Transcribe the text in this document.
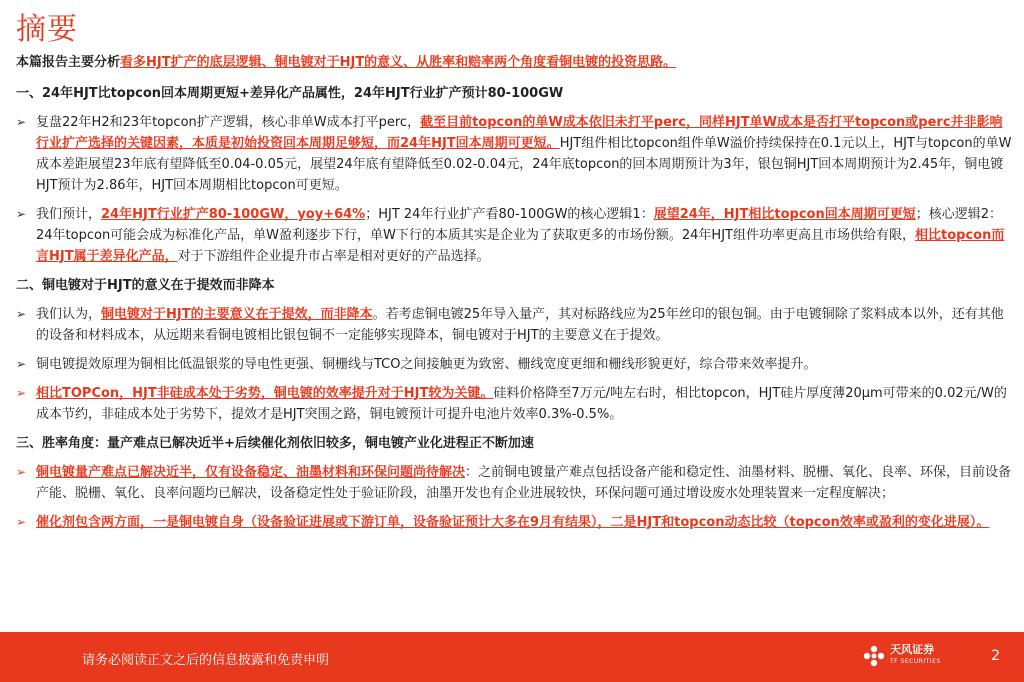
摘要
本篇报告主要分析看多HJT扩产的底层逻辑、铜电镀对于HJT的意义、从胜率和赔率两个角度看铜电镀的投资思路。
一、24年HJT比topcon回本周期更短+差异化产品属性，24年HJT行业扩产预计80-100GW
➢ 复盘22年H2和23年topcon扩产逻辑，核心非单W成本打平perc，截至目前topcon的单W成本依旧未打平perc，同样HJT单W成本是否打平topcon或perc并非影响行业扩产选择的关键因素，本质是初始投资回本周期足够短，而24年HJT回本周期可更短。HJT组件相比topcon组件单W溢价持续保持在0.1元以上，HJT与topcon的单W成本差距展望23年底有望降低至0.04-0.05元，展望24年底有望降低至0.02-0.04元，24年底topcon的回本周期预计为3年，银包铜HJT回本周期预计为2.45年，铜电镀HJT预计为2.86年，HJT回本周期相比topcon可更短。
➢ 我们预计，24年HJT行业扩产80-100GW，yoy+64%；HJT 24年行业扩产看80-100GW的核心逻辑1：展望24年，HJT相比topcon回本周期可更短；核心逻辑2：24年topcon可能会成为标准化产品，单W盈利逐步下行，单W下行的本质其实是企业为了获取更多的市场份额。24年HJT组件功率更高且市场供给有限，相比topcon而言HJT属于差异化产品，对于下游组件企业提升市占率是相对更好的产品选择。
二、铜电镀对于HJT的意义在于提效而非降本
➢ 我们认为，铜电镀对于HJT的主要意义在于提效，而非降本。若考虑铜电镀25年导入量产，其对标路线应为25年丝印的银包铜。由于电镀铜除了浆料成本以外，还有其他的设备和材料成本，从远期来看铜电镀相比银包铜不一定能够实现降本，铜电镀对于HJT的主要意义在于提效。
➢ 铜电镀提效原理为铜相比低温银浆的导电性更强、铜栅线与TCO之间接触更为致密、栅线宽度更细和栅线形貌更好，综合带来效率提升。
➢ 相比TOPCon，HJT非硅成本处于劣势，铜电镀的效率提升对于HJT较为关键。硅料价格降至7万元/吨左右时，相比topcon，HJT硅片厚度薄20μm可带来的0.02元/W的成本节约，非硅成本处于劣势下，提效才是HJT突围之路，铜电镀预计可提升电池片效率0.3%-0.5%。
三、胜率角度：量产难点已解决近半+后续催化剂依旧较多，铜电镀产业化进程正不断加速
➢ 铜电镀量产难点已解决近半，仅有设备稳定、油墨材料和环保问题尚待解决：之前铜电镀量产难点包括设备产能和稳定性、油墨材料、脱栅、氧化、良率、环保，目前设备产能、脱栅、氧化、良率问题均已解决，设备稳定性处于验证阶段，油墨开发也有企业进展较快，环保问题可通过增设废水处理装置来一定程度解决；
➢ 催化剂包含两方面，一是铜电镀自身（设备验证进展或下游订单，设备验证预计大多在9月有结果），二是HJT和topcon动态比较（topcon效率或盈利的变化进展）。
请务必阅读正文之后的信息披露和免责申明
天风证券
TF SECURITIES	2
